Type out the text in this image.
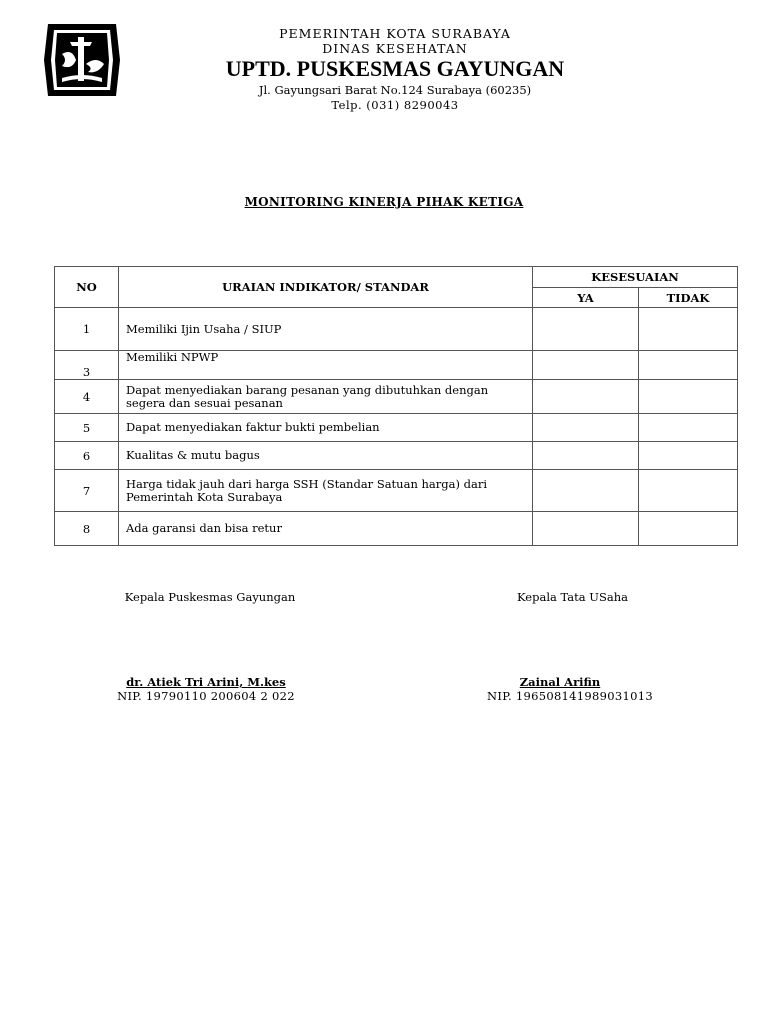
PEMERINTAH KOTA SURABAYA
DINAS KESEHATAN
UPTD. PUSKESMAS GAYUNGAN
Jl. Gayungsari Barat No.124 Surabaya (60235)
Telp. (031) 8290043
MONITORING KINERJA PIHAK KETIGA
NO	URAIAN INDIKATOR/ STANDAR	KESESUAIAN	
		YA	TIDAK
1	Memiliki Ijin Usaha / SIUP		
3	Memiliki NPWP		
4	Dapat menyediakan barang pesanan yang dibutuhkan dengan segera dan sesuai pesanan		
5	Dapat menyediakan faktur bukti pembelian		
6	Kualitas & mutu bagus		
7	Harga tidak jauh dari harga SSH (Standar Satuan harga) dari Pemerintah Kota Surabaya		
8	Ada garansi dan bisa retur		
Kepala Puskesmas Gayungan	Kepala Tata USaha
dr. Atiek Tri Arini, M.kes	Zainal Arifin
NIP. 19790110 200604 2 022	NIP. 196508141989031013
